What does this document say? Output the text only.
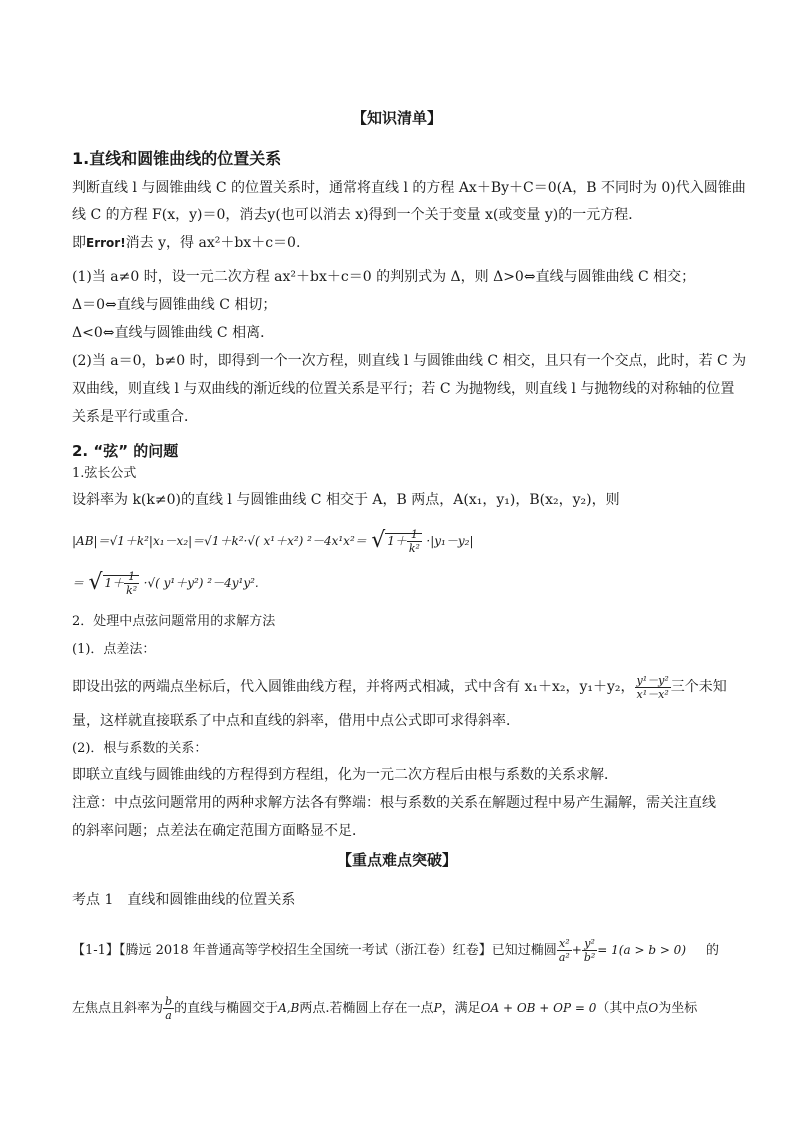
【知识清单】
1.直线和圆锥曲线的位置关系
判断直线 l 与圆锥曲线 C 的位置关系时，通常将直线 l 的方程 Ax＋By＋C＝0(A，B 不同时为 0)代入圆锥曲
线 C 的方程 F(x，y)＝0，消去y(也可以消去 x)得到一个关于变量 x(或变量 y)的一元方程．
即Error!消去 y，得 ax²＋bx＋c＝0.
(1)当 a≠0 时，设一元二次方程 ax²＋bx＋c＝0 的判别式为 Δ，则 Δ>0⇔直线与圆锥曲线 C 相交；
Δ＝0⇔直线与圆锥曲线 C 相切；
Δ<0⇔直线与圆锥曲线 C 相离．
(2)当 a＝0，b≠0 时，即得到一个一次方程，则直线 l 与圆锥曲线 C 相交，且只有一个交点，此时，若 C 为
双曲线，则直线 l 与双曲线的渐近线的位置关系是平行；若 C 为抛物线，则直线 l 与抛物线的对称轴的位置
关系是平行或重合．
2. “弦” 的问题
1.弦长公式
设斜率为 k(k≠0)的直线 l 与圆锥曲线 C 相交于 A，B 两点，A(x₁，y₁)，B(x₂，y₂)，则
|AB|＝√1＋k²|x₁－x₂|＝√1＋k²·√( x¹＋x²) ²－4x¹x²＝ √ $1+ \frac{1}{\text{k²}} \cdot|y_1-y_2|$
＝ √ $1+ \frac{1}{\text{k²}}$ ·√( y¹＋y²) ²－4y¹y².
2．处理中点弦问题常用的求解方法
(1)．点差法：
即设出弦的两端点坐标后，代入圆锥曲线方程，并将两式相减，式中含有 x₁＋x₂，y₁＋y₂， $\frac{\text{y¹－y²}}{\text{x¹－x²}}$ 三个未知
量，这样就直接联系了中点和直线的斜率，借用中点公式即可求得斜率．
(2)．根与系数的关系：
即联立直线与圆锥曲线的方程得到方程组，化为一元二次方程后由根与系数的关系求解．
注意：中点弦问题常用的两种求解方法各有弊端：根与系数的关系在解题过程中易产生漏解，需关注直线
的斜率问题；点差法在确定范围方面略显不足．
【重点难点突破】
考点 1　直线和圆锥曲线的位置关系
【1-1】【腾远 2018 年普通高等学校招生全国统一考试（浙江卷）红卷】已知过椭圆 $\frac{\text{x²}}{\text{a²}} + \frac{\text{y²}}{\text{b²}} = 1(a > b > 0)$ 的
左焦点且斜率为 $\frac{b}{a}$ 的直线与椭圆交于A,B两点.若椭圆上存在一点P，满足OA + OB + OP = 0（其中点O为坐标
